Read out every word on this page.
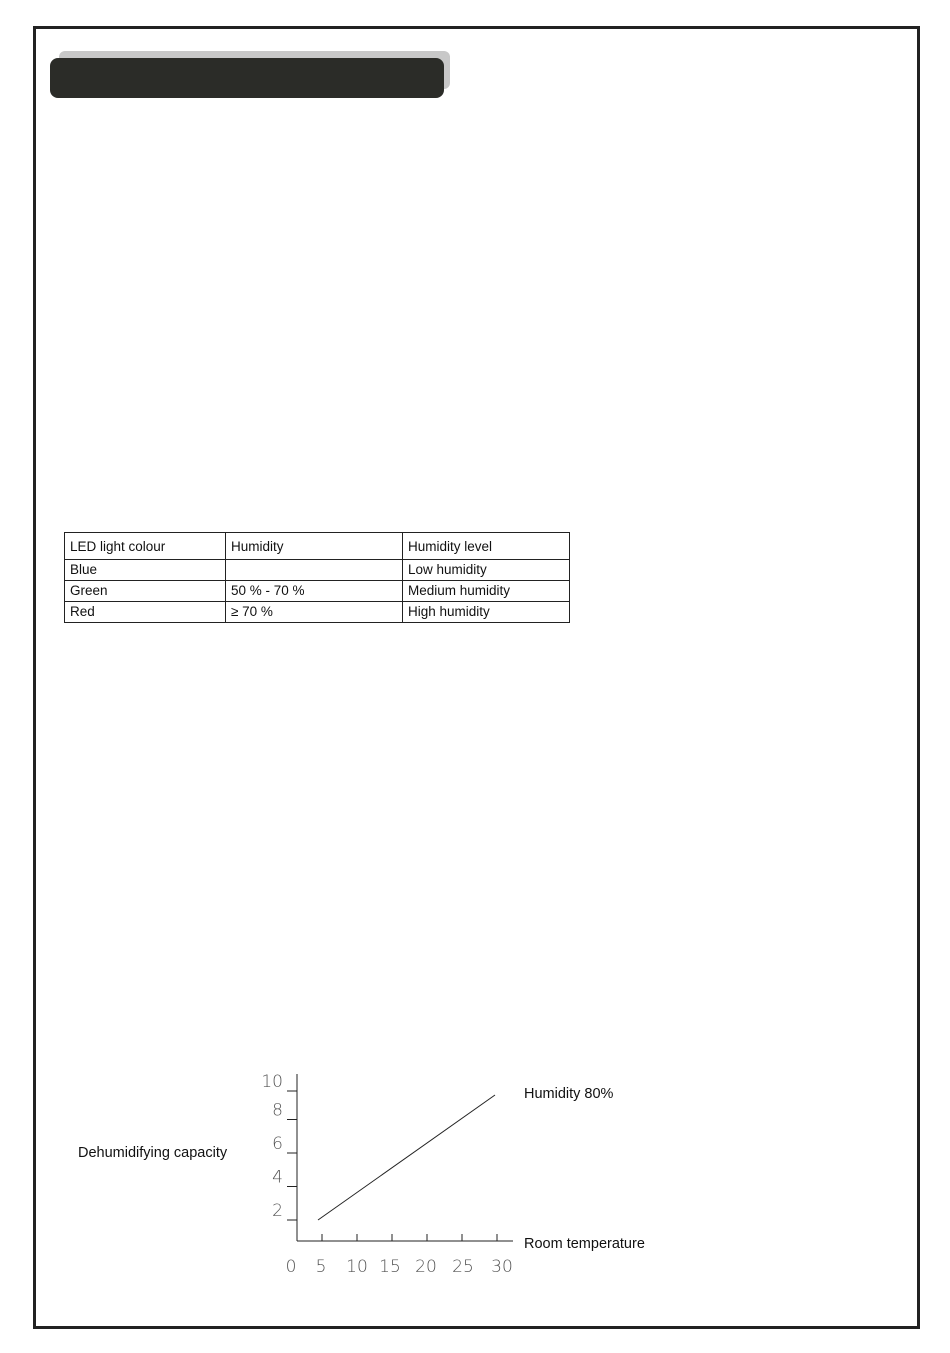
LED light colour	Humidity	Humidity level
Blue		Low humidity
Green	50 % - 70 %	Medium humidity
Red	≥ 70 %	High humidity
Dehumidifying capacity
Room temperature
Humidity 80%
0 5 10 15 20 25 30
2
4
6
8
10
